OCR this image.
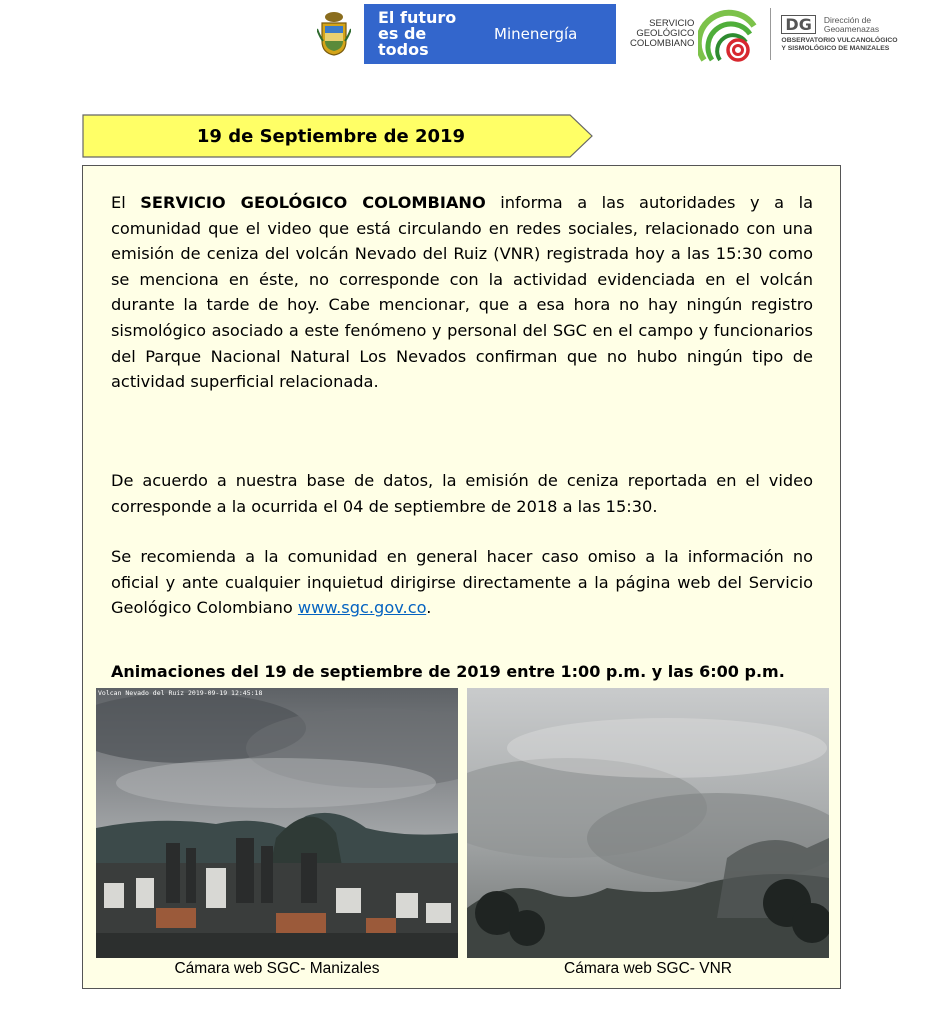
El futuro
es de todos
Minenergía
SERVICIO
GEOLÓGICO
COLOMBIANO
DG	Dirección de
Geoamenazas
OBSERVATORIO VULCANOLÓGICO
Y SISMOLÓGICO DE MANIZALES
19 de Septiembre de 2019
El SERVICIO GEOLÓGICO COLOMBIANO informa a las autoridades y a la comunidad que el video que está circulando en redes sociales, relacionado con una emisión de ceniza del volcán Nevado del Ruiz (VNR) registrada hoy a las 15:30 como se menciona en éste, no corresponde con la actividad evidenciada en el volcán durante la tarde de hoy. Cabe mencionar, que a esa hora no hay ningún registro sismológico asociado a este fenómeno y personal del SGC en el campo y funcionarios del Parque Nacional Natural Los Nevados confirman que no hubo ningún tipo de actividad superficial relacionada.
De acuerdo a nuestra base de datos, la emisión de ceniza reportada en el video corresponde a la ocurrida el 04 de septiembre de 2018 a las 15:30.
Se recomienda a la comunidad en general hacer caso omiso a la información no oficial y ante cualquier inquietud dirigirse directamente a la página web del Servicio Geológico Colombiano www.sgc.gov.co.
Animaciones del 19 de septiembre de 2019 entre 1:00 p.m. y las 6:00 p.m.
Volcan Nevado del Ruiz 2019-09-19 12:45:18
Cámara web SGC- Manizales	Cámara web SGC- VNR
